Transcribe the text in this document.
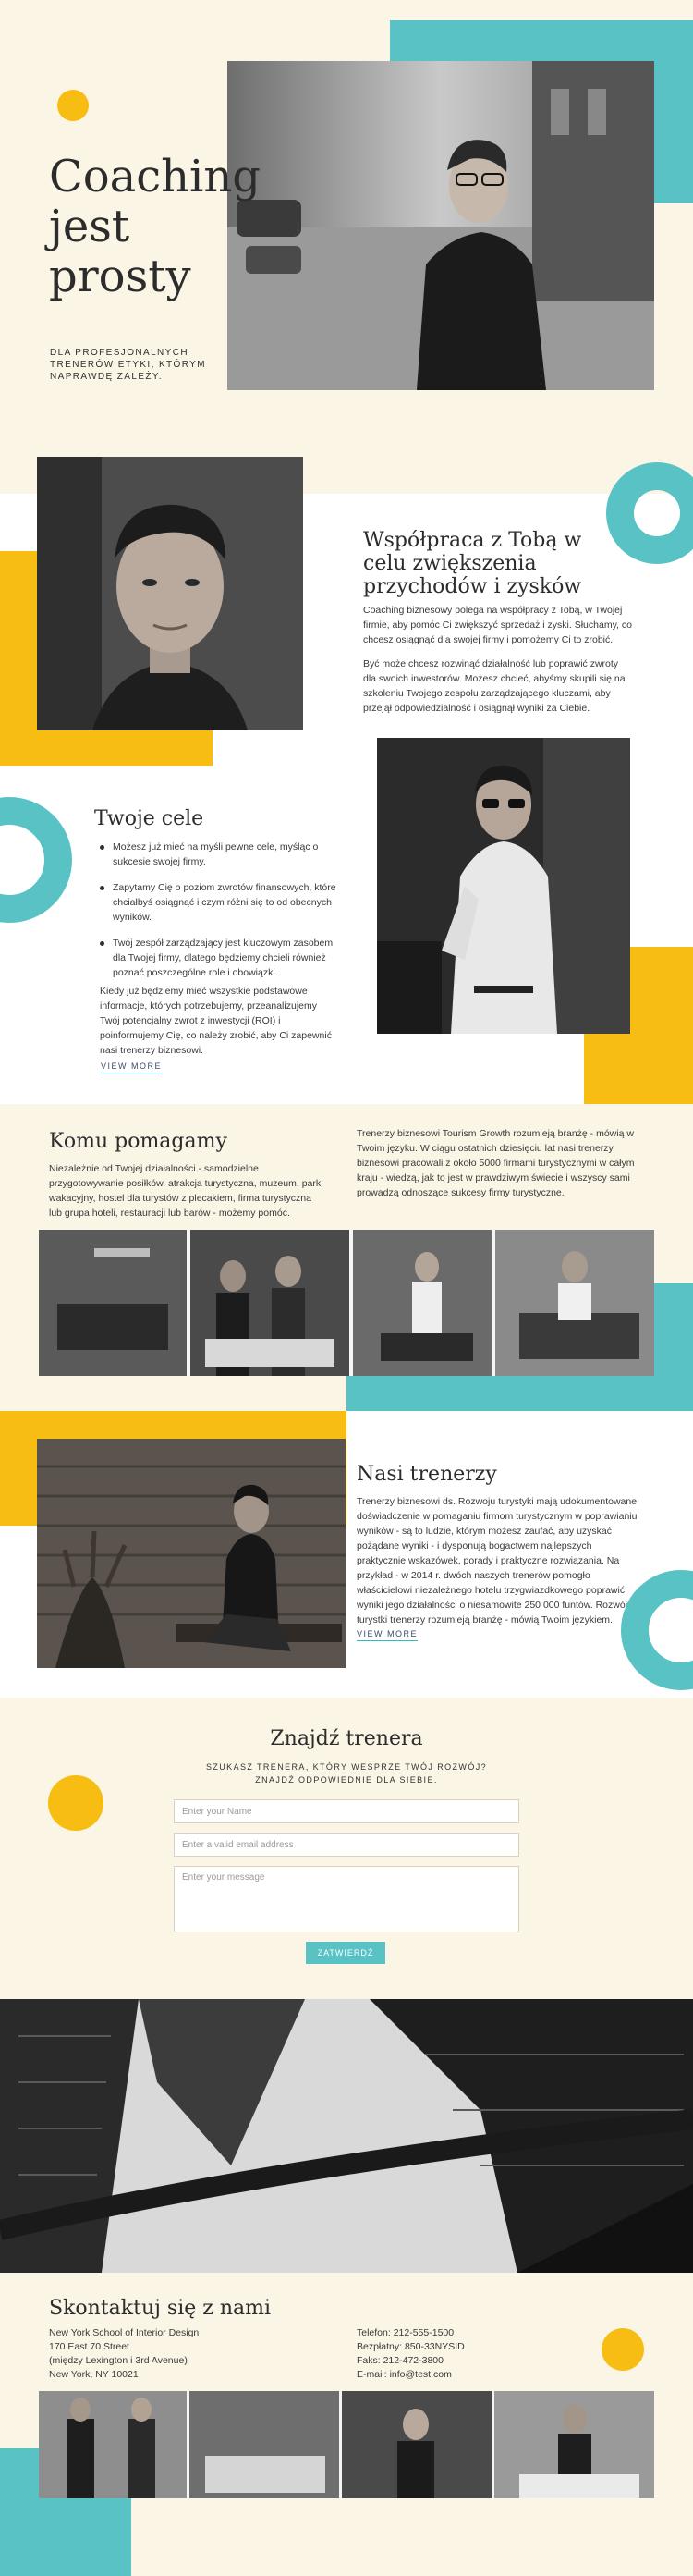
Coaching
jest
prosty
DLA PROFESJONALNYCH
TRENERÓW ETYKI, KTÓRYM
NAPRAWDĘ ZALEŻY.
Współpraca z Tobą w
celu zwiększenia
przychodów i zysków

Coaching biznesowy polega na współpracy z Tobą, w Twojej firmie, aby pomóc Ci zwiększyć sprzedaż i zyski. Słuchamy, co chcesz osiągnąć dla swojej firmy i pomożemy Ci to zrobić.

Być może chcesz rozwinąć działalność lub poprawić zwroty dla swoich inwestorów. Możesz chcieć, abyśmy skupili się na szkoleniu Twojego zespołu zarządzającego kluczami, aby przejął odpowiedzialność i osiągnął wyniki za Ciebie.

Twoje cele
Możesz już mieć na myśli pewne cele, myśląc o sukcesie swojej firmy.
Zapytamy Cię o poziom zwrotów finansowych, które chciałbyś osiągnąć i czym różni się to od obecnych wyników.
Twój zespół zarządzający jest kluczowym zasobem dla Twojej firmy, dlatego będziemy chcieli również poznać poszczególne role i obowiązki.

Kiedy już będziemy mieć wszystkie podstawowe informacje, których potrzebujemy, przeanalizujemy Twój potencjalny zwrot z inwestycji (ROI) i poinformujemy Cię, co należy zrobić, aby Ci zapewnić nasi trenerzy biznesowi.

VIEW MORE
Komu pomagamy

Niezależnie od Twojej działalności - samodzielne przygotowywanie posiłków, atrakcja turystyczna, muzeum, park wakacyjny, hostel dla turystów z plecakiem, firma turystyczna lub grupa hoteli, restauracji lub barów - możemy pomóc.

Trenerzy biznesowi Tourism Growth rozumieją branżę - mówią w Twoim języku. W ciągu ostatnich dziesięciu lat nasi trenerzy biznesowi pracowali z około 5000 firmami turystycznymi w całym kraju - wiedzą, jak to jest w prawdziwym świecie i wszyscy sami prowadzą odnoszące sukcesy firmy turystyczne.

Nasi trenerzy

Trenerzy biznesowi ds. Rozwoju turystyki mają udokumentowane doświadczenie w pomaganiu firmom turystycznym w poprawianiu wyników - są to ludzie, którym możesz zaufać, aby uzyskać pożądane wyniki - i dysponują bogactwem najlepszych praktycznie wskazówek, porady i praktyczne rozwiązania. Na przykład - w 2014 r. dwóch naszych trenerów pomogło właścicielowi niezależnego hotelu trzygwiazdkowego poprawić wyniki jego działalności o niesamowite 250 000 funtów. Rozwój turystki trenerzy rozumieją branżę - mówią Twoim językiem.

VIEW MORE
Znajdź trenera
SZUKASZ TRENERA, KTÓRY WESPRZE TWÓJ ROZWÓJ?
ZNAJDŹ ODPOWIEDNIE DLA SIEBIE.
Enter your Name
Enter a valid email address
Enter your message
ZATWIERDŹ
Skontaktuj się z nami
New York School of Interior Design
170 East 70 Street
(między Lexington i 3rd Avenue)
New York, NY 10021
Telefon: 212-555-1500
Bezpłatny: 850-33NYSID
Faks: 212-472-3800
E-mail: info@test.com
